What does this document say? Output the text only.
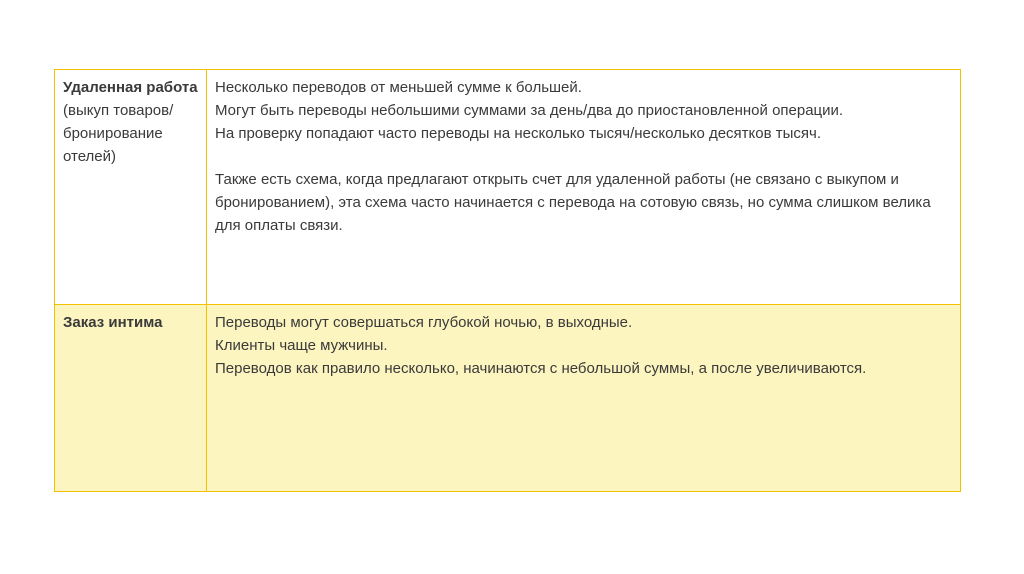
Удаленная работа
(выкуп товаров/ бронирование отелей)	Несколько переводов от меньшей сумме к большей.
Могут быть переводы небольшими суммами за день/два до приостановленной операции.
На проверку попадают часто переводы на несколько тысяч/несколько десятков тысяч.
Также есть схема, когда предлагают открыть счет для удаленной работы (не связано с выкупом и бронированием), эта схема часто начинается с перевода на сотовую связь, но сумма слишком велика для оплаты связи.

Заказ интима	Переводы могут совершаться глубокой ночью, в выходные.
Клиенты чаще мужчины.
Переводов как правило несколько, начинаются с небольшой суммы, а после увеличиваются.
